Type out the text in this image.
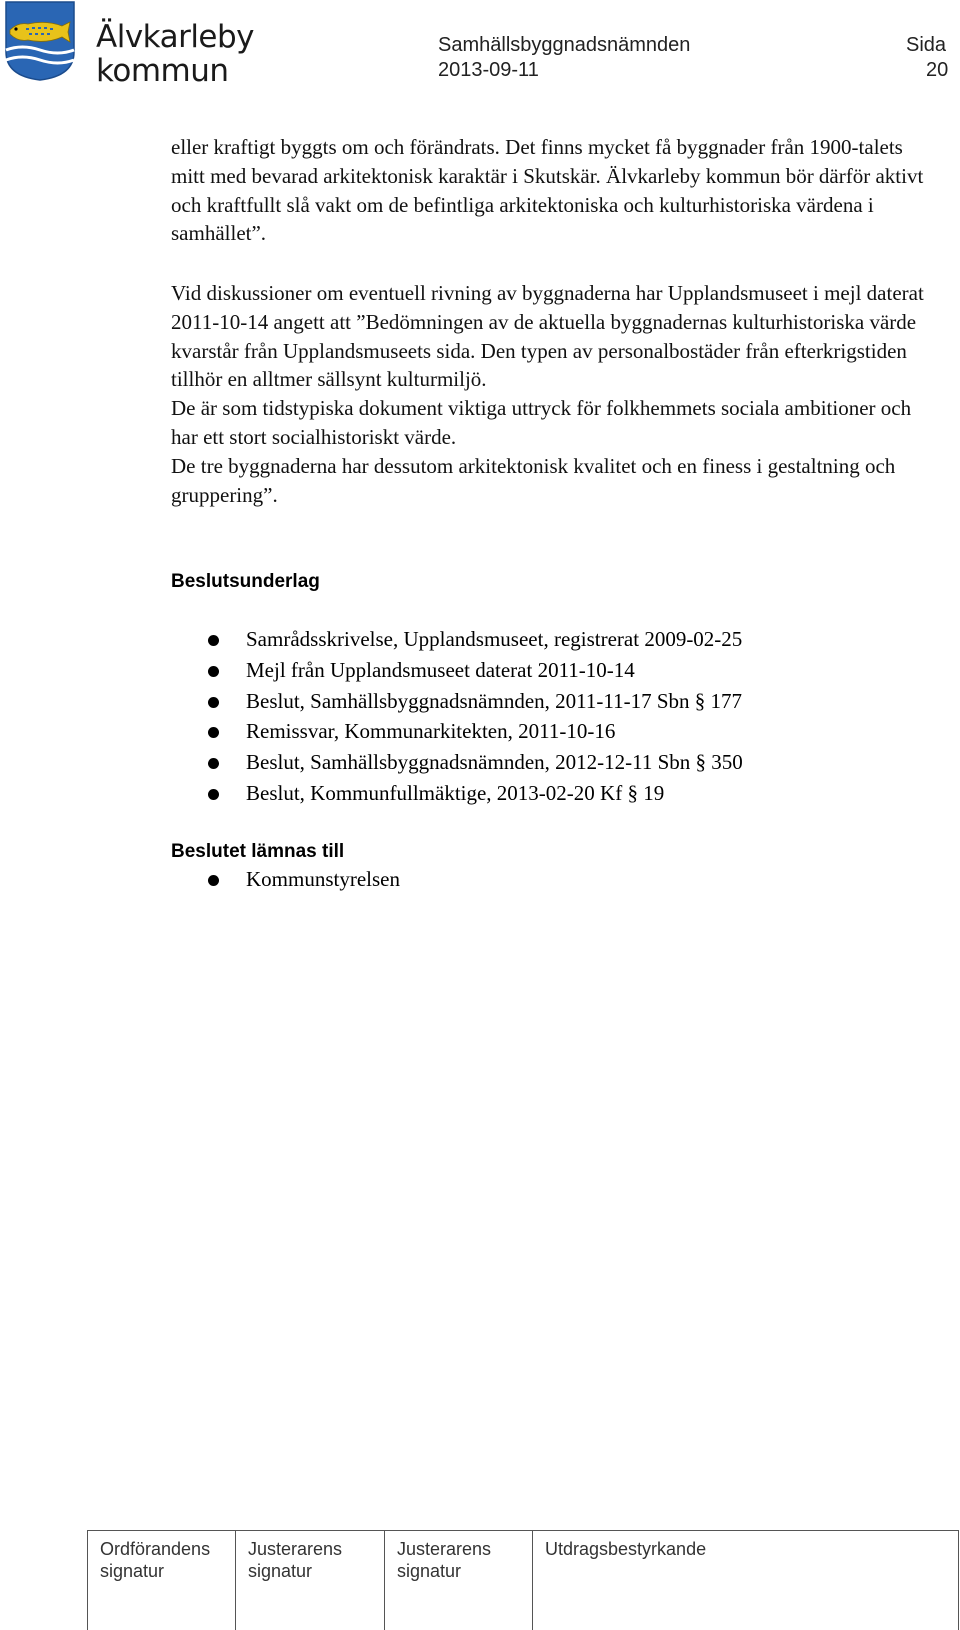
Älvkarleby
kommun
Samhällsbyggnadsnämnden
2013-09-11
Sida
20

eller kraftigt byggts om och förändrats. Det finns mycket få byggnader från 1900-talets mitt med bevarad arkitektonisk karaktär i Skutskär. Älvkarleby kommun bör därför aktivt och kraftfullt slå vakt om de befintliga arkitektoniska och kulturhistoriska värdena i samhället”.

Vid diskussioner om eventuell rivning av byggnaderna har Upplandsmuseet i mejl daterat 2011-10-14 angett att ”Bedömningen av de aktuella byggnadernas kulturhistoriska värde kvarstår från Upplandsmuseets sida. Den typen av personalbostäder från efterkrigstiden tillhör en alltmer sällsynt kulturmiljö.

De är som tidstypiska dokument viktiga uttryck för folkhemmets sociala ambitioner och har ett stort socialhistoriskt värde.

De tre byggnaderna har dessutom arkitektonisk kvalitet och en finess i gestaltning och gruppering”.

Beslutsunderlag
Samrådsskrivelse, Upplandsmuseet, registrerat 2009-02-25
Mejl från Upplandsmuseet daterat 2011-10-14
Beslut, Samhällsbyggnadsnämnden, 2011-11-17 Sbn § 177
Remissvar, Kommunarkitekten, 2011-10-16
Beslut, Samhällsbyggnadsnämnden, 2012-12-11 Sbn § 350
Beslut, Kommunfullmäktige, 2013-02-20 Kf § 19
Beslutet lämnas till
Kommunstyrelsen
Ordförandens
signatur
Justerarens
signatur
Justerarens
signatur
Utdragsbestyrkande
